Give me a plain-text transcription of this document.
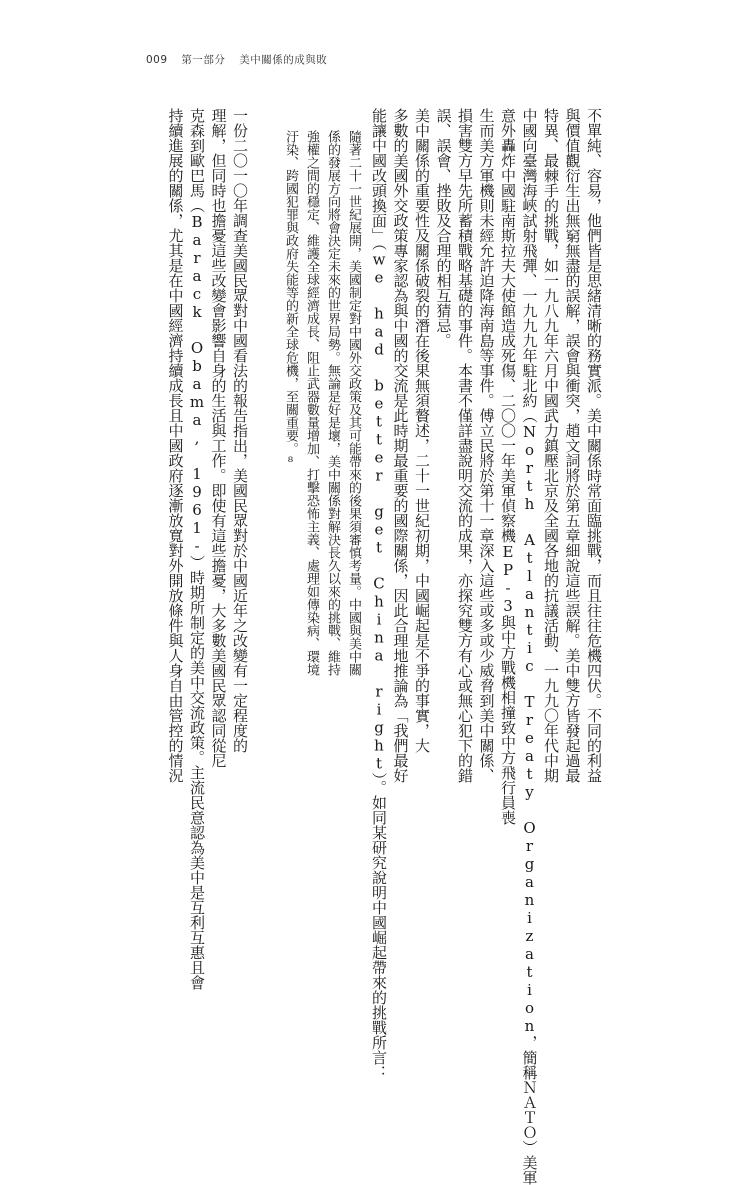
009 第一部分 美中關係的成與敗
不單純、容易，他們皆是思緒清晰的務實派。美中關係時常面臨挑戰，而且往往危機四伏。不同的利益
與價值觀衍生出無窮無盡的誤解，誤會與衝突，趙文詞將於第五章細說這些誤解。美中雙方皆發起過最
特異、最棘手的挑戰，如一九八九年六月中國武力鎮壓北京及全國各地的抗議活動、一九九〇年代中期
中國向臺灣海峽試射飛彈、一九九九年駐北約（North Atlantic Treaty Organization，簡稱ＮＡＴＯ）美軍
意外轟炸中國駐南斯拉夫大使館造成死傷、二〇〇一年美軍偵察機EP-3與中方戰機相撞致中方飛行員喪
生而美方軍機則未經允許迫降海南島等事件。傅立民將於第十一章深入這些或多或少威脅到美中關係、
損害雙方早先所蓄積戰略基礎的事件。本書不僅詳盡說明交流的成果，亦探究雙方有心或無心犯下的錯
誤、誤會、挫敗及合理的相互猜忌。
美中關係的重要性及關係破裂的潛在後果無須贅述，二十一世紀初期，中國崛起是不爭的事實，大
多數的美國外交政策專家認為與中國的交流是此時期最重要的國際關係，因此合理地推論為「我們最好
能讓中國改頭換面」（we had better get China right）。如同某研究說明中國崛起帶來的挑戰所言：
隨著二十一世紀展開，美國制定對中國外交政策及其可能帶來的後果須審慎考量。中國與美中關
係的發展方向將會決定未來的世界局勢。無論是好是壞，美中關係對解決長久以來的挑戰、維持
強權之間的穩定、維護全球經濟成長、阻止武器數量增加、打擊恐怖主義、處理如傳染病、環境
汙染、跨國犯罪與政府失能等的新全球危機，至關重要。⁸
一份二〇一〇年調查美國民眾對中國看法的報告指出，美國民眾對於中國近年之改變有一定程度的
理解，但同時也擔憂這些改變會影響自身的生活與工作。即使有這些擔憂，大多數美國民眾認同從尼
克森到歐巴馬（Barack Obama, 1961-）時期所制定的美中交流政策。主流民意認為美中是互利互惠且會
持續進展的關係，尤其是在中國經濟持續成長且中國政府逐漸放寬對外開放條件與人身自由管控的情況
